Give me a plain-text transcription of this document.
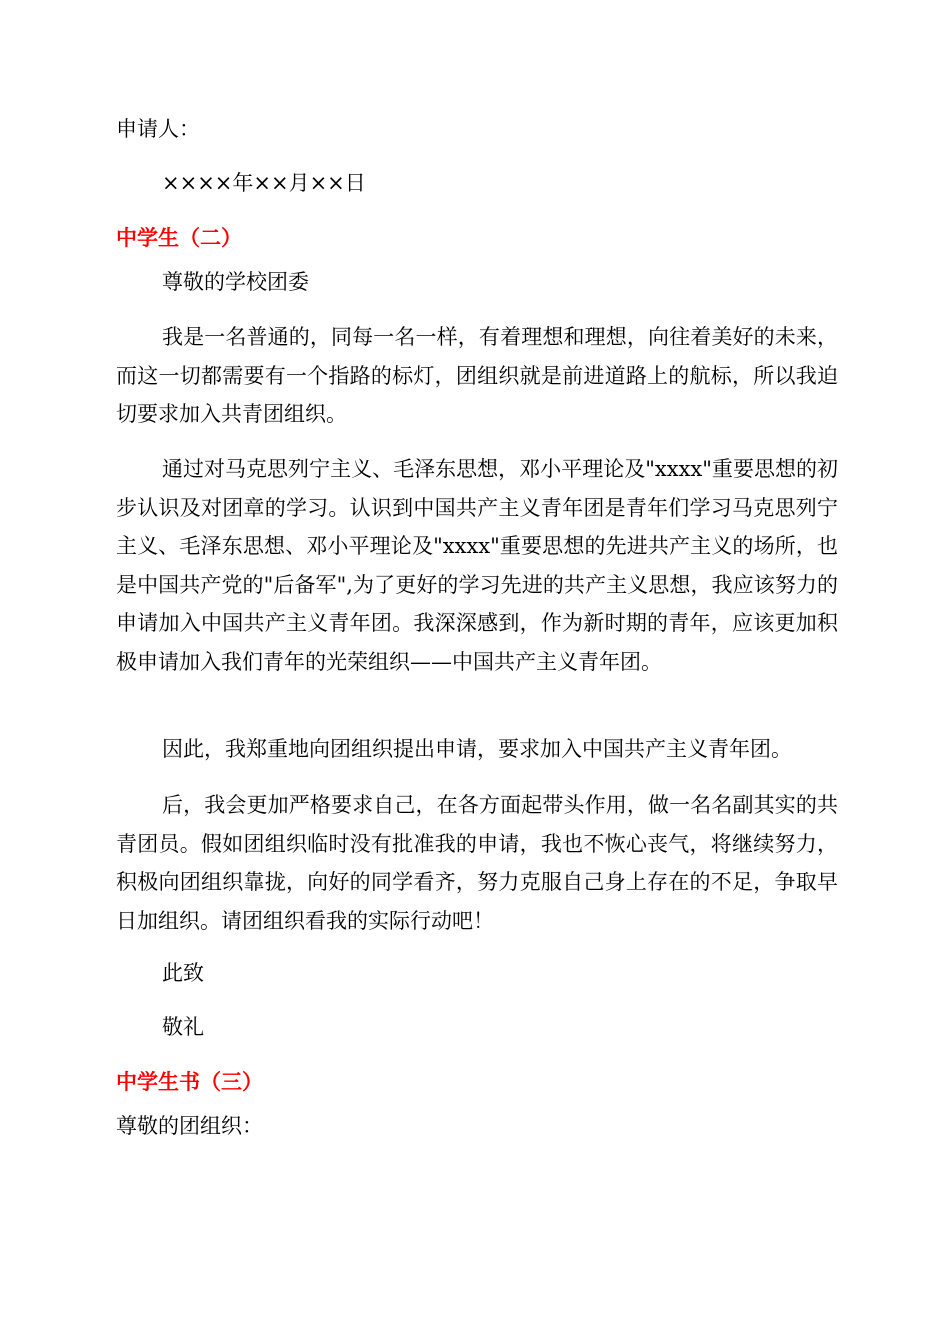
申请人：

××××年××月××日

中学生（二）

尊敬的学校团委

我是一名普通的，同每一名一样，有着理想和理想，向往着美好的未来，而这一切都需要有一个指路的标灯，团组织就是前进道路上的航标，所以我迫切要求加入共青团组织。

通过对马克思列宁主义、毛泽东思想，邓小平理论及"xxxx"重要思想的初步认识及对团章的学习。认识到中国共产主义青年团是青年们学习马克思列宁主义、毛泽东思想、邓小平理论及"xxxx"重要思想的先进共产主义的场所，也是中国共产党的"后备军",为了更好的学习先进的共产主义思想，我应该努力的申请加入中国共产主义青年团。我深深感到，作为新时期的青年，应该更加积极申请加入我们青年的光荣组织——中国共产主义青年团。

因此，我郑重地向团组织提出申请，要求加入中国共产主义青年团。

后，我会更加严格要求自己，在各方面起带头作用，做一名名副其实的共青团员。假如团组织临时没有批准我的申请，我也不恢心丧气，将继续努力，积极向团组织靠拢，向好的同学看齐，努力克服自己身上存在的不足，争取早日加组织。请团组织看我的实际行动吧！

此致

敬礼

中学生书（三）

尊敬的团组织：
